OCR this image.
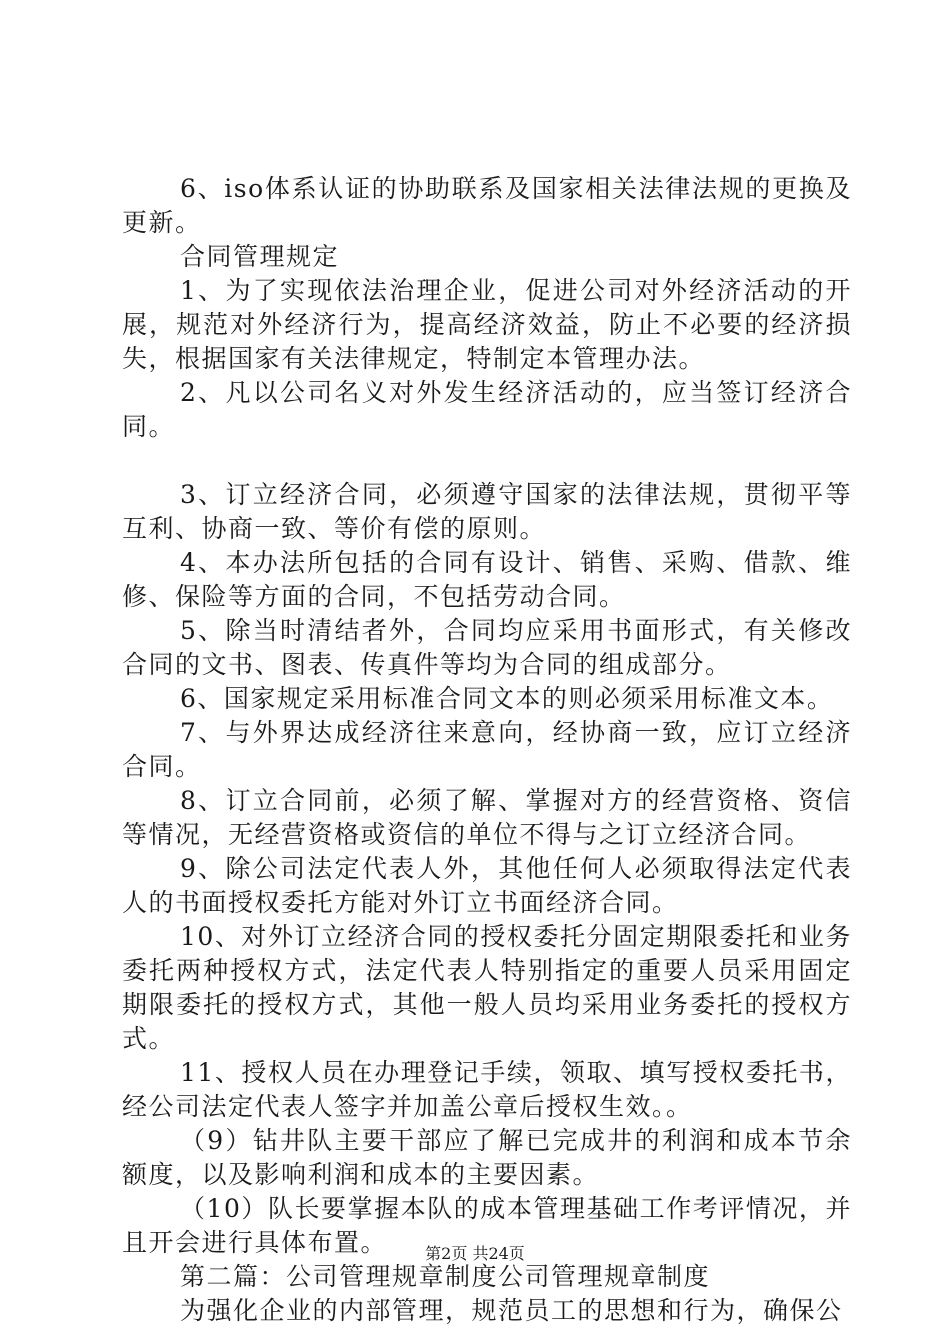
6、iso体系认证的协助联系及国家相关法律法规的更换及更新。

合同管理规定

1、为了实现依法治理企业，促进公司对外经济活动的开展，规范对外经济行为，提高经济效益，防止不必要的经济损失，根据国家有关法律规定，特制定本管理办法。

2、凡以公司名义对外发生经济活动的，应当签订经济合同。

3、订立经济合同，必须遵守国家的法律法规，贯彻平等互利、协商一致、等价有偿的原则。

4、本办法所包括的合同有设计、销售、采购、借款、维修、保险等方面的合同，不包括劳动合同。

5、除当时清结者外，合同均应采用书面形式，有关修改合同的文书、图表、传真件等均为合同的组成部分。

6、国家规定采用标准合同文本的则必须采用标准文本。

7、与外界达成经济往来意向，经协商一致，应订立经济合同。

8、订立合同前，必须了解、掌握对方的经营资格、资信等情况，无经营资格或资信的单位不得与之订立经济合同。

9、除公司法定代表人外，其他任何人必须取得法定代表人的书面授权委托方能对外订立书面经济合同。

10、对外订立经济合同的授权委托分固定期限委托和业务委托两种授权方式，法定代表人特别指定的重要人员采用固定期限委托的授权方式，其他一般人员均采用业务委托的授权方式。

11、授权人员在办理登记手续，领取、填写授权委托书，经公司法定代表人签字并加盖公章后授权生效。。

（9）钻井队主要干部应了解已完成井的利润和成本节余额度，以及影响利润和成本的主要因素。

（10）队长要掌握本队的成本管理基础工作考评情况，并且开会进行具体布置。

第二篇：公司管理规章制度公司管理规章制度

为强化企业的内部管理，规范员工的思想和行为，确保公

第2页 共24页
